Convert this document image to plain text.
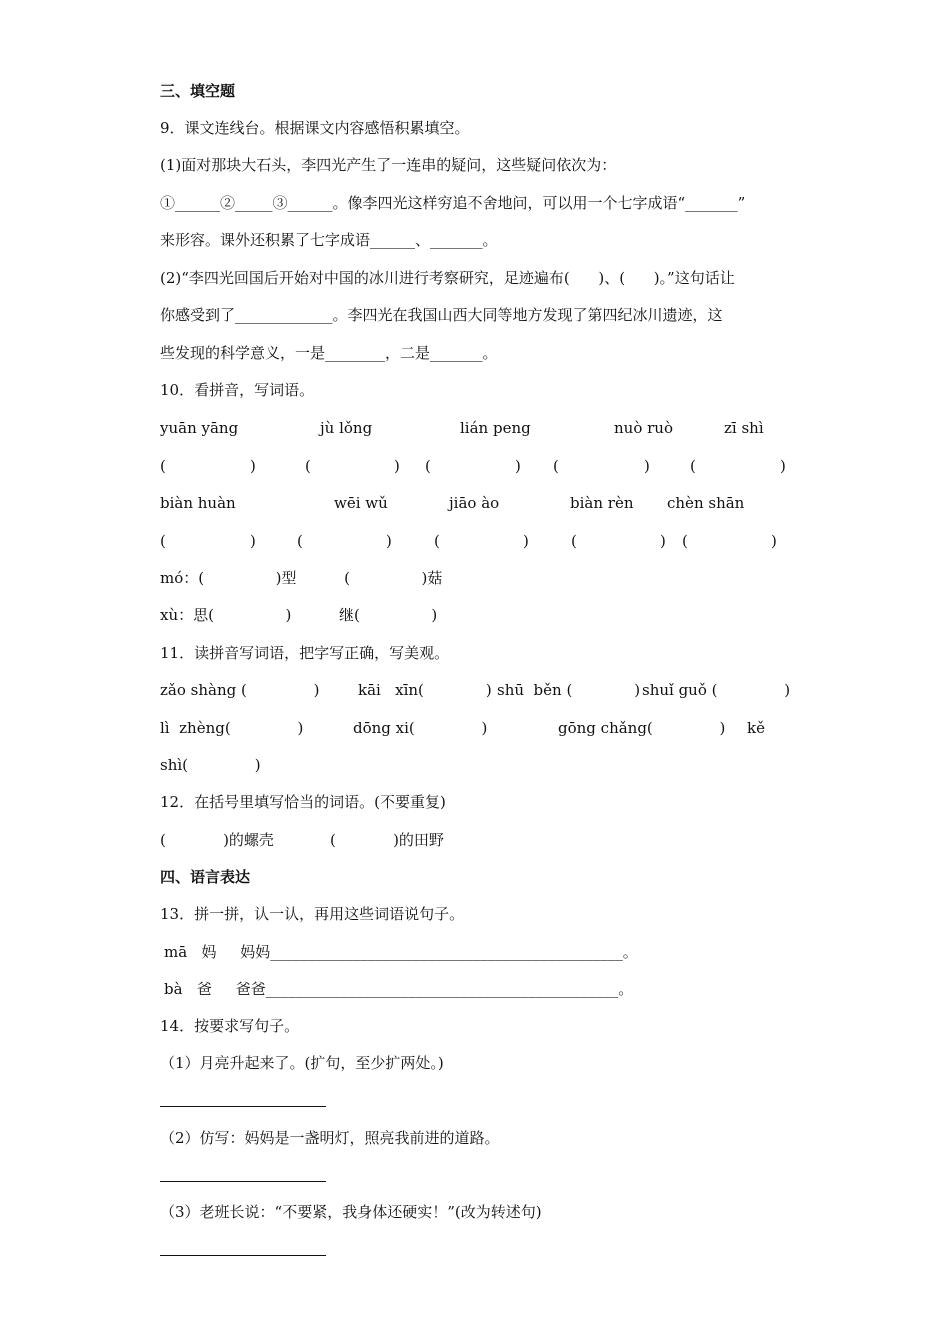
三、填空题
9．课文连线台。根据课文内容感悟积累填空。
(1)面对那块大石头，李四光产生了一连串的疑问，这些疑问依次为：
①______②_____③______。像李四光这样穷追不舍地问，可以用一个七字成语“_______”
来形容。课外还积累了七字成语______、_______。
(2)“李四光回国后开始对中国的冰川进行考察研究，足迹遍布(      )、(      )。”这句话让
你感受到了_____________。李四光在我国山西大同等地方发现了第四纪冰川遗迹，这
些发现的科学意义，一是________，二是_______。
10．看拼音，写词语。
yuān yāng	jù lǒng	lián peng	nuò ruò	zī shì
(	)	(	) (	) (	)	(	)
biàn huàn	wēi wǔ	jiāo ào	biàn rèn chèn shān
(	)	(	)	(	)	(	) (	)
mó：(               )型          (               )菇
xù：思(               )          继(               )
11．读拼音写词语，把字写正确，写美观。
zǎo shàng (              )	kāi   xīn(             ) shū  běn (             ) shuǐ guǒ (              )
lì  zhèng(              )	dōng xi(              )	gōng chǎng(              ) kě
shì(              )
12．在括号里填写恰当的词语。(不要重复)
(            )的螺壳	(            )的田野
四、语言表达
13．拼一拼，认一认，再用这些词语说句子。
mā   妈     妈妈_______________________________________________。
bà   爸     爸爸_______________________________________________。
14．按要求写句子。
（1）月亮升起来了。(扩句，至少扩两处。)
（2）仿写：妈妈是一盏明灯，照亮我前进的道路。
（3）老班长说：“不要紧，我身体还硬实！”(改为转述句)
